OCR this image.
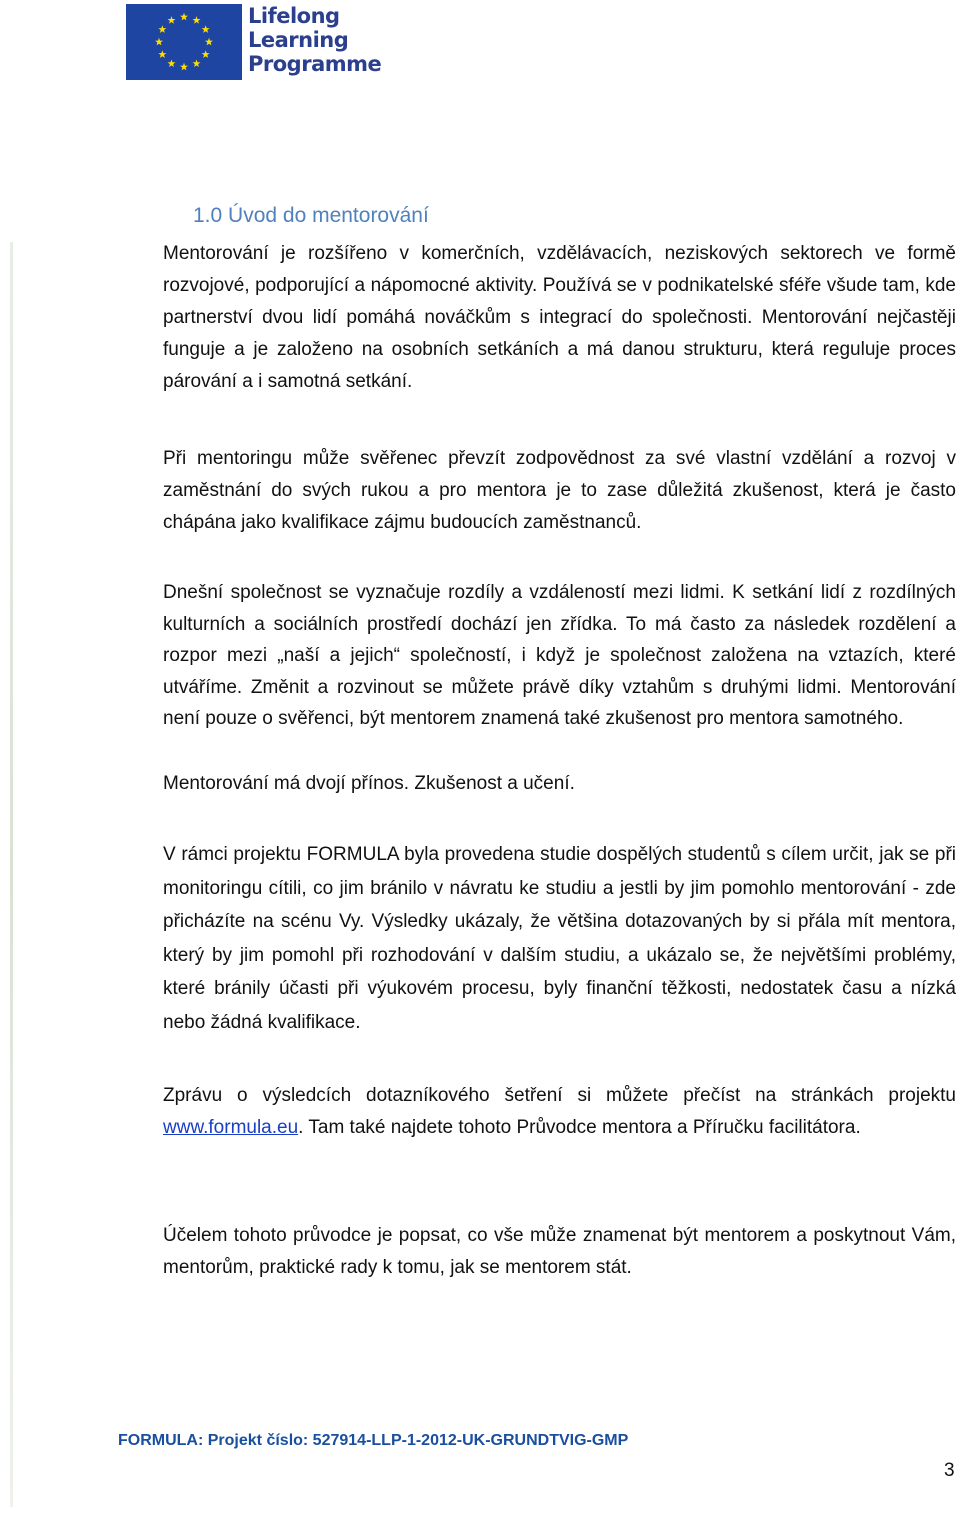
Lifelong
Learning
Programme
1.0 Úvod do mentorování

Mentorování je rozšířeno v komerčních, vzdělávacích, neziskových sektorech ve formě rozvojové, podporující a nápomocné aktivity. Používá se v podnikatelské sféře všude tam, kde partnerství dvou lidí pomáhá nováčkům s integrací do společnosti. Mentorování nejčastěji funguje a je založeno na osobních setkáních a má danou strukturu, která reguluje proces párování a i samotná setkání.

Při mentoringu může svěřenec převzít zodpovědnost za své vlastní vzdělání a rozvoj v zaměstnání do svých rukou a pro mentora je to zase důležitá zkušenost, která je často chápána jako kvalifikace zájmu budoucích zaměstnanců.

Dnešní společnost se vyznačuje rozdíly a vzdáleností mezi lidmi. K setkání lidí z rozdílných kulturních a sociálních prostředí dochází jen zřídka. To má často za následek rozdělení a rozpor mezi „naší a jejich“ společností, i když je společnost založena na vztazích, které utváříme. Změnit a rozvinout se můžete právě díky vztahům s druhými lidmi. Mentorování není pouze o svěřenci, být mentorem znamená také zkušenost pro mentora samotného.

Mentorování má dvojí přínos. Zkušenost a učení.

V rámci projektu FORMULA byla provedena studie dospělých studentů s cílem určit, jak se při monitoringu cítili, co jim bránilo v návratu ke studiu a jestli by jim pomohlo mentorování - zde přicházíte na scénu Vy. Výsledky ukázaly, že většina dotazovaných by si přála mít mentora, který by jim pomohl při rozhodování v dalším studiu, a ukázalo se, že největšími problémy, které bránily účasti při výukovém procesu, byly finanční těžkosti, nedostatek času a nízká nebo žádná kvalifikace.

Zprávu o výsledcích dotazníkového šetření si můžete přečíst na stránkách projektu www.formula.eu. Tam také najdete tohoto Průvodce mentora a Příručku facilitátora.

Účelem tohoto průvodce je popsat, co vše může znamenat být mentorem a poskytnout Vám, mentorům, praktické rady k tomu, jak se mentorem stát.

FORMULA: Projekt číslo: 527914-LLP-1-2012-UK-GRUNDTVIG-GMP
3
